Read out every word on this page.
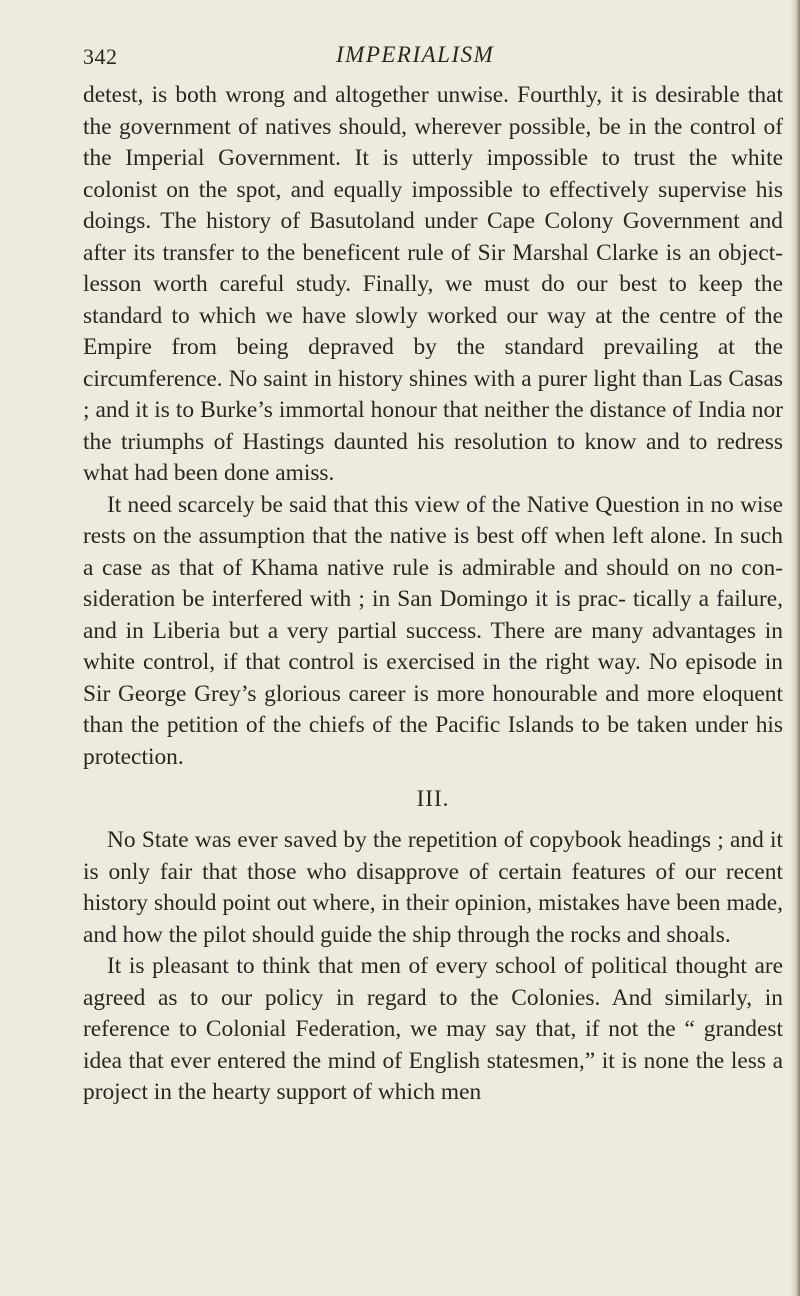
342	IMPERIALISM

detest, is both wrong and altogether unwise. Fourthly, it is desirable that the government of natives should, wherever possible, be in the control of the Imperial Government. It is utterly impossible to trust the white colonist on the spot, and equally impossible to effectively supervise his doings. The history of Basutoland under Cape Colony Government and after its transfer to the beneficent rule of Sir Marshal Clarke is an object-lesson worth careful study. Finally, we must do our best to keep the standard to which we have slowly worked our way at the centre of the Empire from being depraved by the standard prevailing at the circumference. No saint in history shines with a purer light than Las Casas ; and it is to Burke’s immortal honour that neither the distance of India nor the triumphs of Hastings daunted his resolution to know and to redress what had been done amiss.

It need scarcely be said that this view of the Native Question in no wise rests on the assumption that the native is best off when left alone. In such a case as that of Khama native rule is admirable and should on no con- sideration be interfered with ; in San Domingo it is prac- tically a failure, and in Liberia but a very partial success. There are many advantages in white control, if that control is exercised in the right way. No episode in Sir George Grey’s glorious career is more honourable and more eloquent than the petition of the chiefs of the Pacific Islands to be taken under his protection.

III.

No State was ever saved by the repetition of copybook headings ; and it is only fair that those who disapprove of certain features of our recent history should point out where, in their opinion, mistakes have been made, and how the pilot should guide the ship through the rocks and shoals.

It is pleasant to think that men of every school of political thought are agreed as to our policy in regard to the Colonies. And similarly, in reference to Colonial Federation, we may say that, if not the “ grandest idea that ever entered the mind of English statesmen,” it is none the less a project in the hearty support of which men
